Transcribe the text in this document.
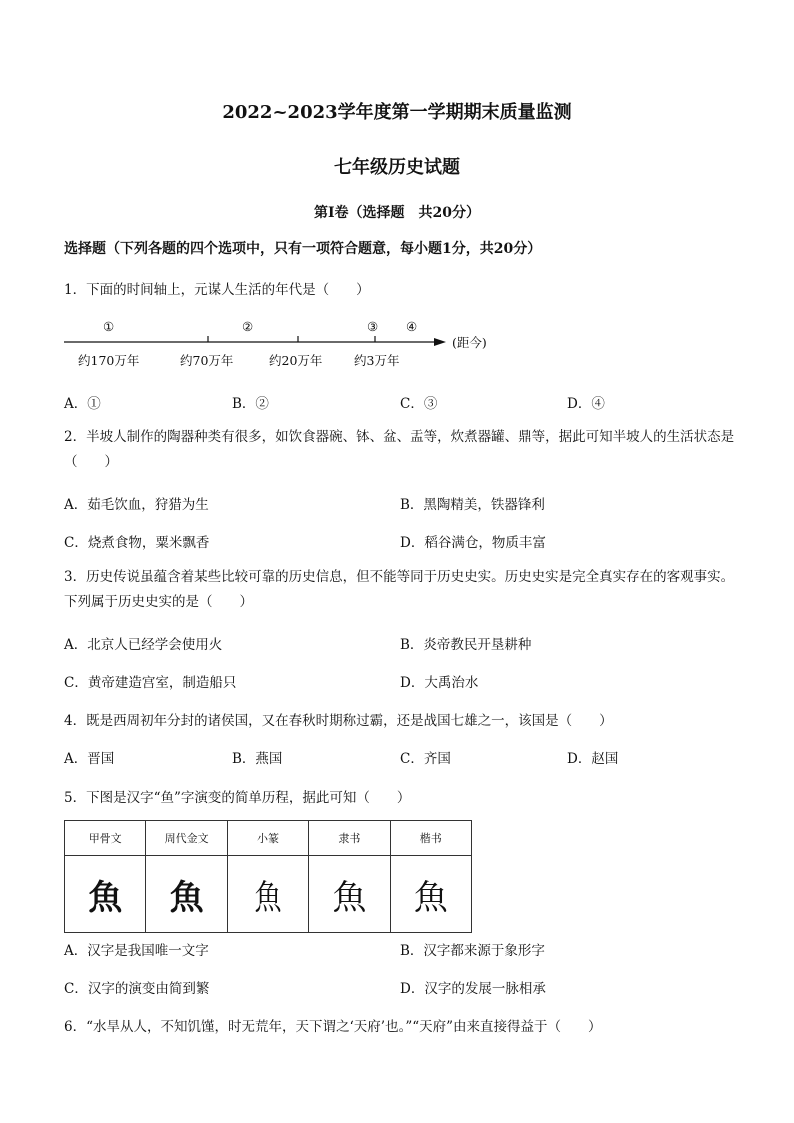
2022~2023学年度第一学期期末质量监测
七年级历史试题
第Ⅰ卷（选择题　共20分）
选择题（下列各题的四个选项中，只有一项符合题意，每小题1分，共20分）
1．下面的时间轴上，元谋人生活的年代是（　　）
①	②	③ ④
约170万年	约70万年	约20万年	约3万年
(距今)
A．①	B．②	C．③	D．④
2．半坡人制作的陶器种类有很多，如饮食器碗、钵、盆、盂等，炊煮器罐、鼎等，据此可知半坡人的生活状态是（　　）
A．茹毛饮血，狩猎为生	B．黑陶精美，铁器锋利
C．烧煮食物，粟米飘香	D．稻谷满仓，物质丰富
3．历史传说虽蕴含着某些比较可靠的历史信息，但不能等同于历史史实。历史史实是完全真实存在的客观事实。下列属于历史史实的是（　　）
A．北京人已经学会使用火	B．炎帝教民开垦耕种
C．黄帝建造宫室，制造船只	D．大禹治水
4．既是西周初年分封的诸侯国，又在春秋时期称过霸，还是战国七雄之一，该国是（　　）
A．晋国	B．燕国	C．齐国	D．赵国
5．下图是汉字“鱼”字演变的简单历程，据此可知（　　）
甲骨文	周代金文	小篆	隶书	楷书
魚	魚	魚	魚	魚
A．汉字是我国唯一文字	B．汉字都来源于象形字
C．汉字的演变由简到繁	D．汉字的发展一脉相承
6．“水旱从人，不知饥馑，时无荒年，天下谓之‘天府’也。”“天府”由来直接得益于（　　）
